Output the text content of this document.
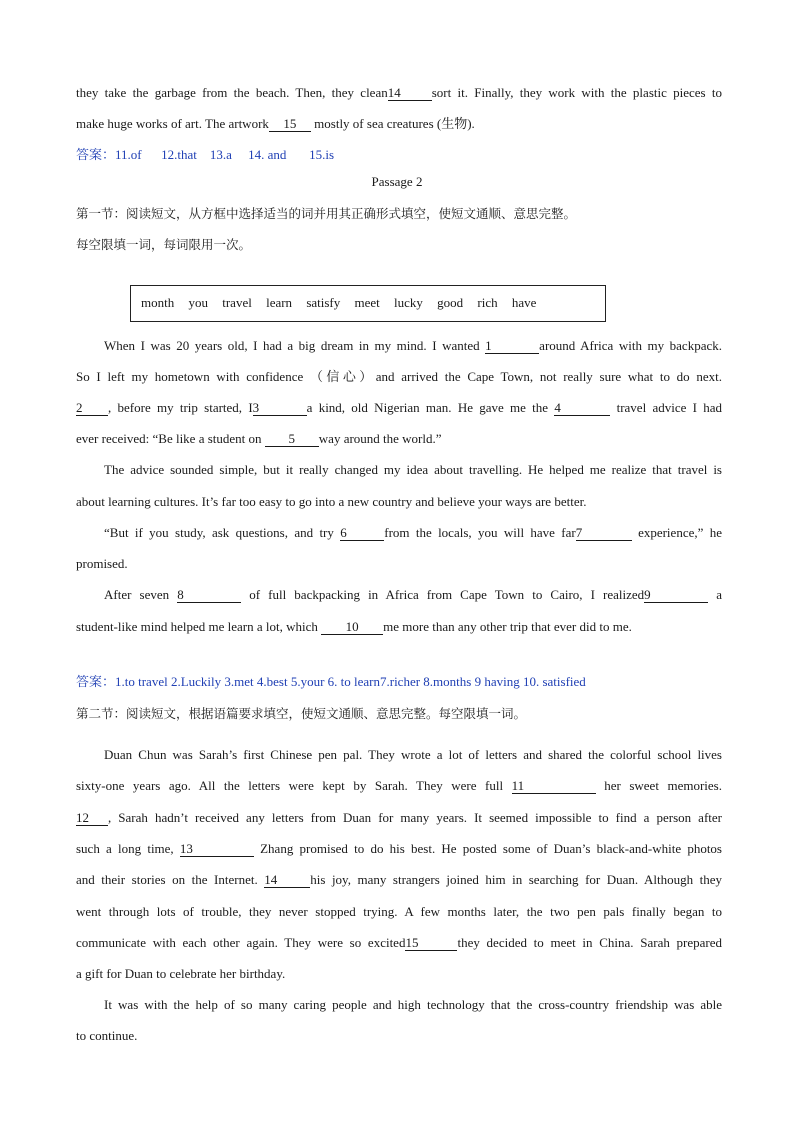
they take the garbage from the beach. Then, they clean14 sort it. Finally, they work with the plastic pieces to
make huge works of art. The artwork 15 mostly of sea creatures (生物).
答案：11.of      12.that    13.a     14. and       15.is
Passage 2
第一节：阅读短文，从方框中选择适当的词并用其正确形式填空，使短文通顺、意思完整。
每空限填一词，每词限用一次。
month you travel learn satisfy meet lucky good rich have
When I was 20 years old, I had a big dream in my mind. I wanted 1	around Africa with my backpack.
So I left my hometown with confidence （信心）and arrived the Cape Town, not really sure what to do next.
2 , before my trip started, I3	a kind, old Nigerian man. He gave me the 4	travel advice I had
ever received: “Be like a student on 5 way around the world.”
The advice sounded simple, but it really changed my idea about travelling. He helped me realize that travel is
about learning cultures. It’s far too easy to go into a new country and believe your ways are better.
“But if you study, ask questions, and try 6	from the locals, you will have far7	experience,” he
promised.
After seven 8	of full backpacking in Africa from Cape Town to Cairo, I realized9	a
student-like mind helped me learn a lot, which 10 me more than any other trip that ever did to me.
答案：1.to travel 2.Luckily 3.met 4.best 5.your 6. to learn7.richer 8.months 9 having 10. satisfied
第二节：阅读短文，根据语篇要求填空，使短文通顺、意思完整。每空限填一词。
Duan Chun was Sarah’s first Chinese pen pal. They wrote a lot of letters and shared the colorful school lives
sixty-one years ago. All the letters were kept by Sarah. They were full 11	her sweet memories.
12 , Sarah hadn’t received any letters from Duan for many years. It seemed impossible to find a person after
such a long time, 13	Zhang promised to do his best. He posted some of Duan’s black-and-white photos
and their stories on the Internet. 14	his joy, many strangers joined him in searching for Duan. Although they
went through lots of trouble, they never stopped trying. A few months later, the two pen pals finally began to
communicate with each other again. They were so excited15	they decided to meet in China. Sarah prepared
a gift for Duan to celebrate her birthday.
It was with the help of so many caring people and high technology that the cross-country friendship was able
to continue.
